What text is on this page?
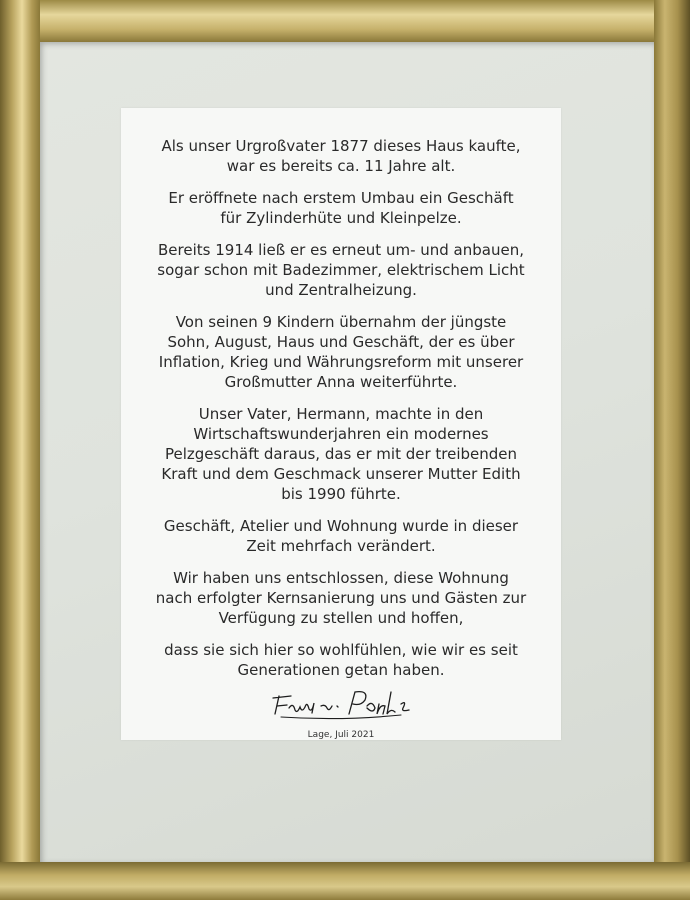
Als unser Urgroßvater 1877 dieses Haus kaufte,
war es bereits ca. 11 Jahre alt.

Er eröffnete nach erstem Umbau ein Geschäft
für Zylinderhüte und Kleinpelze.

Bereits 1914 ließ er es erneut um- und anbauen,
sogar schon mit Badezimmer, elektrischem Licht
und Zentralheizung.

Von seinen 9 Kindern übernahm der jüngste
Sohn, August, Haus und Geschäft, der es über
Inflation, Krieg und Währungsreform mit unserer
Großmutter Anna weiterführte.

Unser Vater, Hermann, machte in den
Wirtschaftswunderjahren ein modernes
Pelzgeschäft daraus, das er mit der treibenden
Kraft und dem Geschmack unserer Mutter Edith
bis 1990 führte.

Geschäft, Atelier und Wohnung wurde in dieser
Zeit mehrfach verändert.

Wir haben uns entschlossen, diese Wohnung
nach erfolgter Kernsanierung uns und Gästen zur
Verfügung zu stellen und hoffen,

dass sie sich hier so wohlfühlen, wie wir es seit
Generationen getan haben.

Lage, Juli 2021
